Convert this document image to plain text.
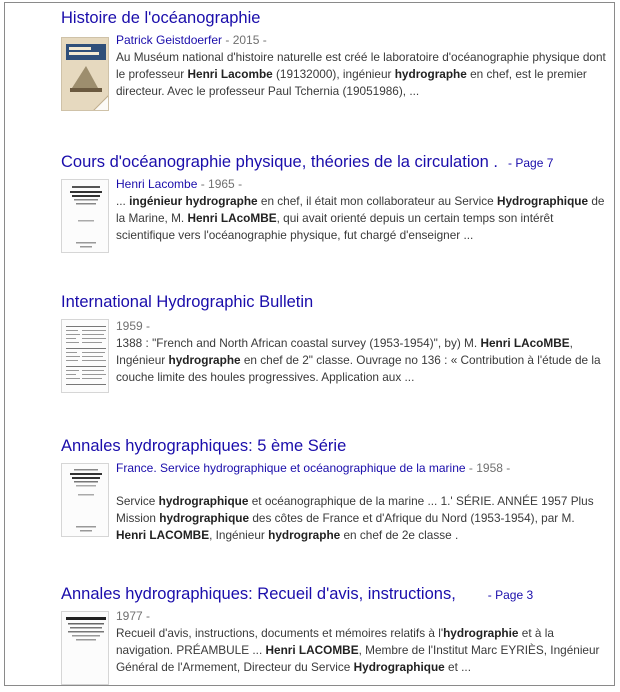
Histoire de l'océanographie
Patrick Geistdoerfer - 2015 -
Au Muséum national d'histoire naturelle est créé le laboratoire d'océanographie physique dont le professeur Henri Lacombe (19132000), ingénieur hydrographe en chef, est le premier directeur. Avec le professeur Paul Tchernia (19051986), ...
Cours d'océanographie physique, théories de la circulation . - Page 7
Henri Lacombe - 1965 -
... ingénieur hydrographe en chef, il était mon collaborateur au Service Hydrographique de la Marine, M. Henri LAcoMBE, qui avait orienté depuis un certain temps son intérêt scientifique vers l'océanographie physique, fut chargé d'enseigner ...
International Hydrographic Bulletin
1959 -
1388 : "French and North African coastal survey (1953-1954)", by) M. Henri LAcoMBE, Ingénieur hydrographe en chef de 2" classe. Ouvrage no 136 : « Contribution à l'étude de la couche limite des houles progressives. Application aux ...
Annales hydrographiques: 5 ème Série
France. Service hydrographique et océanographique de la marine - 1958 -
Service hydrographique et océanographique de la marine ... 1.' SÉRIE. ANNÉE 1957 Plus Mission hydrographique des côtes de France et d'Afrique du Nord (1953-1954), par M. Henri LACOMBE, Ingénieur hydrographe en chef de 2e classe .
Annales hydrographiques: Recueil d'avis, instructions,	- Page 3
1977 -
Recueil d'avis, instructions, documents et mémoires relatifs à l'hydrographie et à la navigation. PRÉAMBULE ... Henri LACOMBE, Membre de l'Institut Marc EYRIÈS, Ingénieur Général de l'Armement, Directeur du Service Hydrographique et ...
